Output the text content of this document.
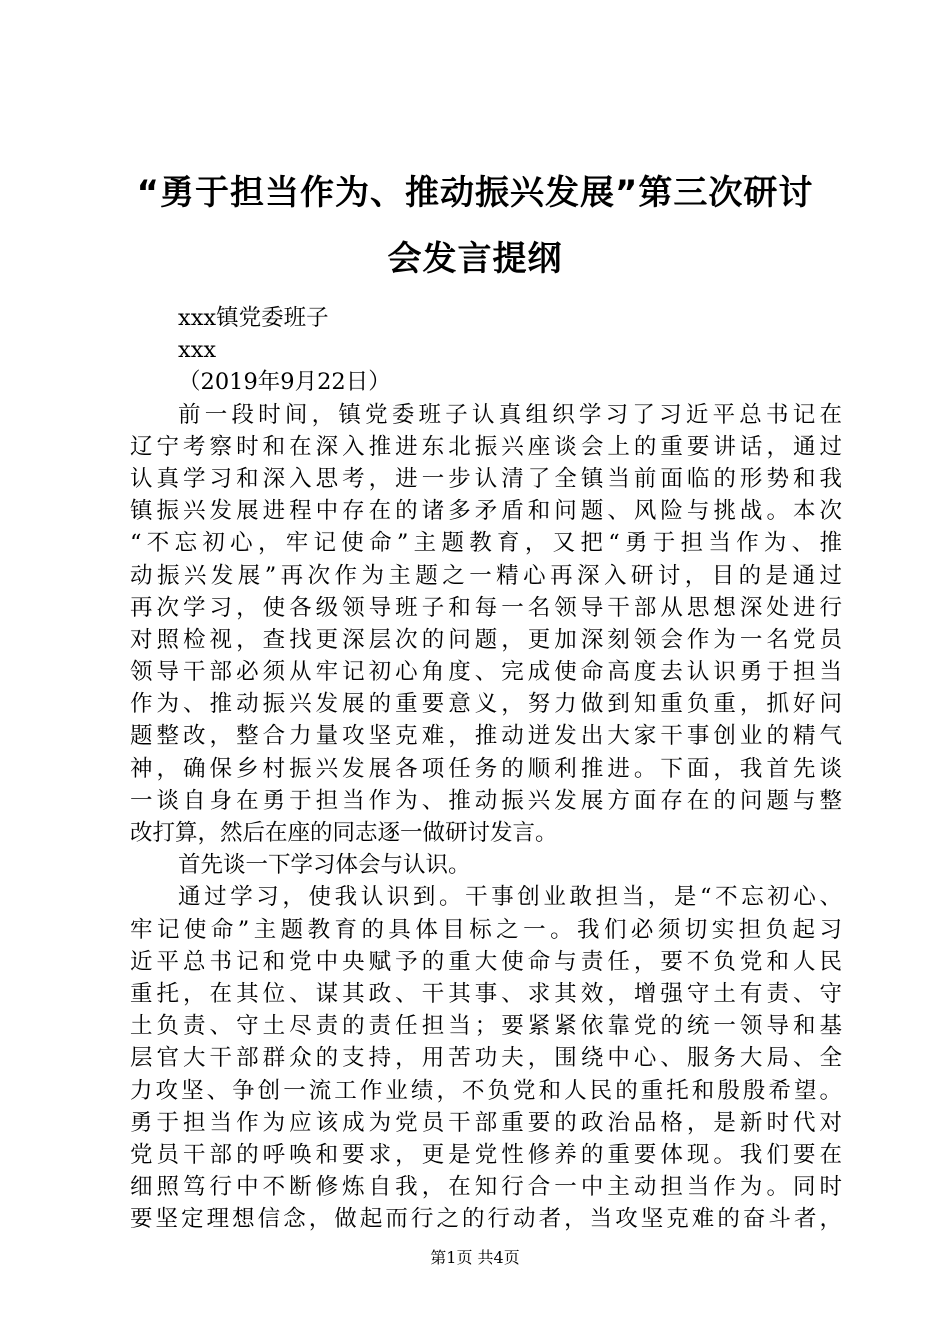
“勇于担当作为、推动振兴发展”第三次研讨
会发言提纲
xxx镇党委班子
xxx
（2019年9月22日）
前一段时间，镇党委班子认真组织学习了习近平总书记在
辽宁考察时和在深入推进东北振兴座谈会上的重要讲话，通过
认真学习和深入思考，进一步认清了全镇当前面临的形势和我
镇振兴发展进程中存在的诸多矛盾和问题、风险与挑战。本次
“不忘初心，牢记使命”主题教育，又把“勇于担当作为、推
动振兴发展”再次作为主题之一精心再深入研讨，目的是通过
再次学习，使各级领导班子和每一名领导干部从思想深处进行
对照检视，查找更深层次的问题，更加深刻领会作为一名党员
领导干部必须从牢记初心角度、完成使命高度去认识勇于担当
作为、推动振兴发展的重要意义，努力做到知重负重，抓好问
题整改，整合力量攻坚克难，推动迸发出大家干事创业的精气
神，确保乡村振兴发展各项任务的顺利推进。下面，我首先谈
一谈自身在勇于担当作为、推动振兴发展方面存在的问题与整
改打算，然后在座的同志逐一做研讨发言。
首先谈一下学习体会与认识。
通过学习，使我认识到。干事创业敢担当，是“不忘初心、
牢记使命”主题教育的具体目标之一。我们必须切实担负起习
近平总书记和党中央赋予的重大使命与责任，要不负党和人民
重托，在其位、谋其政、干其事、求其效，增强守土有责、守
土负责、守土尽责的责任担当；要紧紧依靠党的统一领导和基
层官大干部群众的支持，用苦功夫，围绕中心、服务大局、全
力攻坚、争创一流工作业绩，不负党和人民的重托和殷殷希望。
勇于担当作为应该成为党员干部重要的政治品格，是新时代对
党员干部的呼唤和要求，更是党性修养的重要体现。我们要在
细照笃行中不断修炼自我，在知行合一中主动担当作为。同时
要坚定理想信念，做起而行之的行动者，当攻坚克难的奋斗者，
第1页 共4页
